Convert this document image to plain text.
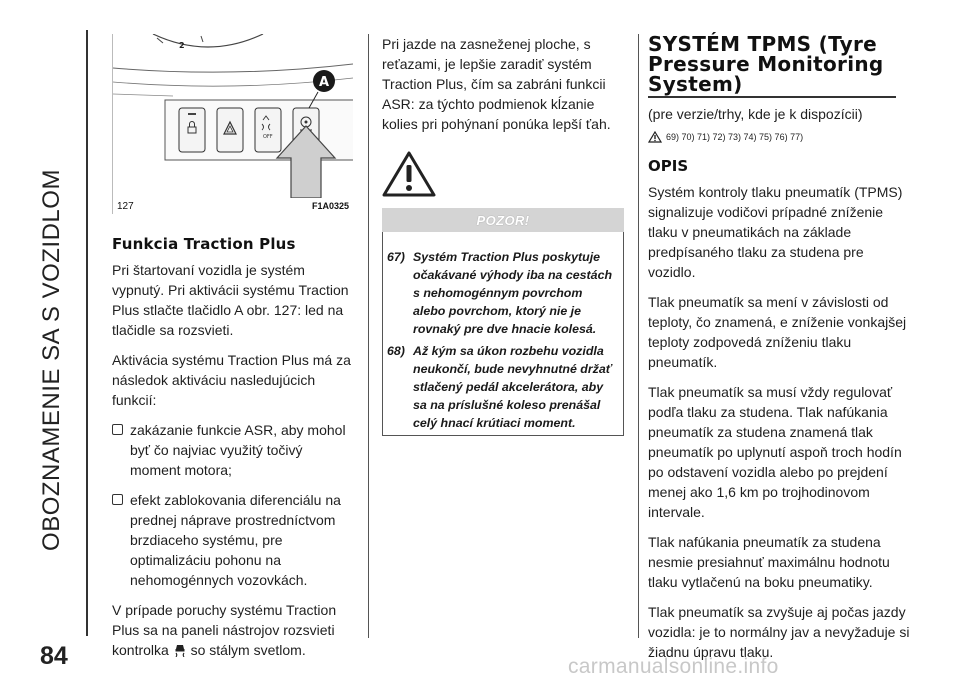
OBOZNAMENIE SA S VOZIDLOM
84
2
OFF
A
127	F1A0325
Funkcia Traction Plus

Pri štartovaní vozidla je systém vypnutý. Pri aktivácii systému Traction Plus stlačte tlačidlo A obr. 127: led na tlačidle sa rozsvieti.

Aktivácia systému Traction Plus má za následok aktiváciu nasledujúcich funkcií:

zakázanie funkcie ASR, aby mohol byť čo najviac využitý točivý moment motora;
efekt zablokovania diferenciálu na prednej náprave prostredníctvom brzdiaceho systému, pre optimalizáciu pohonu na nehomogénnych vozovkách.

V prípade poruchy systému Traction Plus sa na paneli nástrojov rozsvieti kontrolka so stálym svetlom.

Pri jazde na zasneženej ploche, s reťazami, je lepšie zaradiť systém Traction Plus, čím sa zabráni funkcii ASR: za týchto podmienok kĺzanie kolies pri pohýnaní ponúka lepší ťah.

POZOR!
67) Systém Traction Plus poskytuje očakávané výhody iba na cestách s nehomogénnym povrchom alebo povrchom, ktorý nie je rovnaký pre dve hnacie kolesá.
68) Až kým sa úkon rozbehu vozidla neukončí, bude nevyhnutné držať stlačený pedál akcelerátora, aby sa na príslušné koleso prenášal celý hnací krútiaci moment.
SYSTÉM TPMS (Tyre Pressure Monitoring System)
(pre verzie/trhy, kde je k dispozícii)
69) 70) 71) 72) 73) 74) 75) 76) 77)
OPIS

Systém kontroly tlaku pneumatík (TPMS) signalizuje vodičovi prípadné zníženie tlaku v pneumatikách na základe predpísaného tlaku za studena pre vozidlo.

Tlak pneumatík sa mení v závislosti od teploty, čo znamená, e zníženie vonkajšej teploty zodpovedá zníženiu tlaku pneumatík.

Tlak pneumatík sa musí vždy regulovať podľa tlaku za studena. Tlak nafúkania pneumatík za studena znamená tlak pneumatík po uplynutí aspoň troch hodín po odstavení vozidla alebo po prejdení menej ako 1,6 km po trojhodinovom intervale.

Tlak nafúkania pneumatík za studena nesmie presiahnuť maximálnu hodnotu tlaku vytlačenú na boku pneumatiky.

Tlak pneumatík sa zvyšuje aj počas jazdy vozidla: je to normálny jav a nevyžaduje si žiadnu úpravu tlaku.

carmanualsonline.info
